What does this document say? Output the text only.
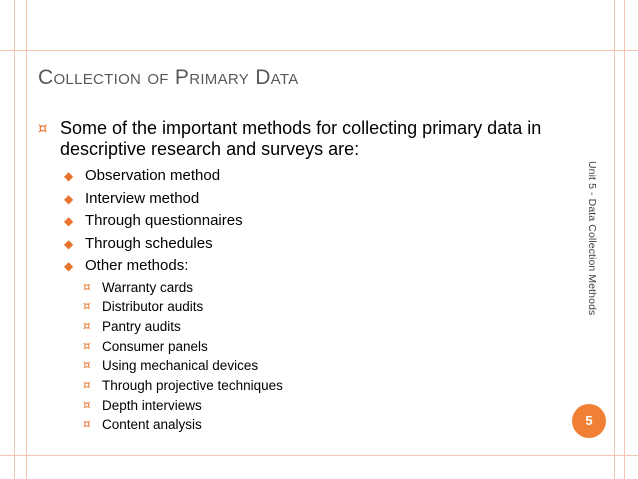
Collection of Primary Data
¤ Some of the important methods for collecting primary data in descriptive research and surveys are:
◆ Observation method
◆ Interview method
◆ Through questionnaires
◆ Through schedules
◆ Other methods:
¤ Warranty cards
¤ Distributor audits
¤ Pantry audits
¤ Consumer panels
¤ Using mechanical devices
¤ Through projective techniques
¤ Depth interviews
¤ Content analysis
Unit 5 - Data Collection Methods
5
